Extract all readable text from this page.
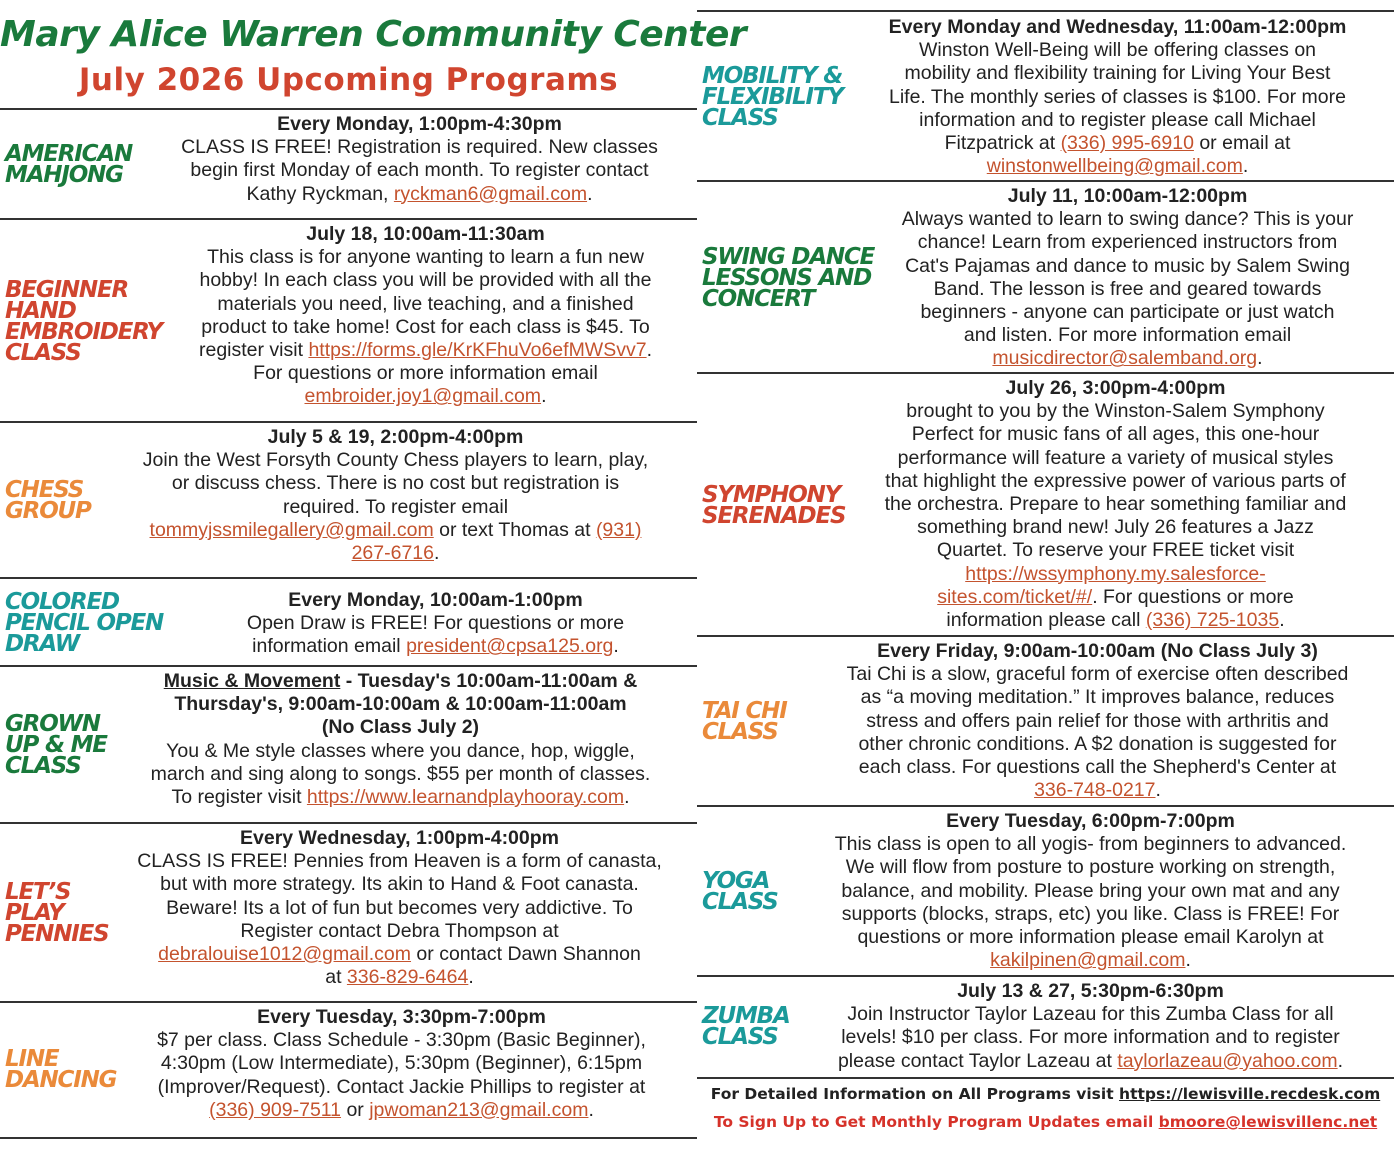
Mary Alice Warren Community Center
July 2026 Upcoming Programs
AMERICAN
MAHJONG
Every Monday, 1:00pm-4:30pm
CLASS IS FREE! Registration is required. New classes
begin first Monday of each month. To register contact
Kathy Ryckman, ryckman6@gmail.com.
BEGINNER
HAND
EMBROIDERY
CLASS
July 18, 10:00am-11:30am
This class is for anyone wanting to learn a fun new
hobby! In each class you will be provided with all the
materials you need, live teaching, and a finished
product to take home! Cost for each class is $45. To
register visit https://forms.gle/KrKFhuVo6efMWSvv7.
For questions or more information email
embroider.joy1@gmail.com.
CHESS
GROUP
July 5 & 19, 2:00pm-4:00pm
Join the West Forsyth County Chess players to learn, play,
or discuss chess. There is no cost but registration is
required. To register email
tommyjssmilegallery@gmail.com or text Thomas at (931)
267-6716.
COLORED
PENCIL OPEN
DRAW
Every Monday, 10:00am-1:00pm
Open Draw is FREE! For questions or more
information email president@cpsa125.org.
GROWN
UP & ME
CLASS
Music & Movement - Tuesday's 10:00am-11:00am &
Thursday's, 9:00am-10:00am & 10:00am-11:00am
(No Class July 2)
You & Me style classes where you dance, hop, wiggle,
march and sing along to songs. $55 per month of classes.
To register visit https://www.learnandplayhooray.com.
LET’S
PLAY
PENNIES
Every Wednesday, 1:00pm-4:00pm
CLASS IS FREE! Pennies from Heaven is a form of canasta,
but with more strategy. Its akin to Hand & Foot canasta.
Beware! Its a lot of fun but becomes very addictive. To
Register contact Debra Thompson at
debralouise1012@gmail.com or contact Dawn Shannon
at 336-829-6464.
LINE
DANCING
Every Tuesday, 3:30pm-7:00pm
$7 per class. Class Schedule - 3:30pm (Basic Beginner),
4:30pm (Low Intermediate), 5:30pm (Beginner), 6:15pm
(Improver/Request). Contact Jackie Phillips to register at
(336) 909-7511 or jpwoman213@gmail.com.
MOBILITY &
FLEXIBILITY
CLASS
Every Monday and Wednesday, 11:00am-12:00pm
Winston Well-Being will be offering classes on
mobility and flexibility training for Living Your Best
Life. The monthly series of classes is $100. For more
information and to register please call Michael
Fitzpatrick at (336) 995-6910 or email at
winstonwellbeing@gmail.com.
SWING DANCE
LESSONS AND
CONCERT
July 11, 10:00am-12:00pm
Always wanted to learn to swing dance? This is your
chance! Learn from experienced instructors from
Cat's Pajamas and dance to music by Salem Swing
Band. The lesson is free and geared towards
beginners - anyone can participate or just watch
and listen. For more information email
musicdirector@salemband.org.
SYMPHONY
SERENADES
July 26, 3:00pm-4:00pm
brought to you by the Winston-Salem Symphony
Perfect for music fans of all ages, this one-hour
performance will feature a variety of musical styles
that highlight the expressive power of various parts of
the orchestra. Prepare to hear something familiar and
something brand new! July 26 features a Jazz
Quartet. To reserve your FREE ticket visit
https://wssymphony.my.salesforce-
sites.com/ticket/#/. For questions or more
information please call (336) 725-1035.
TAI CHI
CLASS
Every Friday, 9:00am-10:00am (No Class July 3)
Tai Chi is a slow, graceful form of exercise often described
as “a moving meditation.” It improves balance, reduces
stress and offers pain relief for those with arthritis and
other chronic conditions. A $2 donation is suggested for
each class. For questions call the Shepherd's Center at
336-748-0217.
YOGA
CLASS
Every Tuesday, 6:00pm-7:00pm
This class is open to all yogis- from beginners to advanced.
We will flow from posture to posture working on strength,
balance, and mobility. Please bring your own mat and any
supports (blocks, straps, etc) you like. Class is FREE! For
questions or more information please email Karolyn at
kakilpinen@gmail.com.
ZUMBA
CLASS
July 13 & 27, 5:30pm-6:30pm
Join Instructor Taylor Lazeau for this Zumba Class for all
levels! $10 per class. For more information and to register
please contact Taylor Lazeau at taylorlazeau@yahoo.com.
For Detailed Information on All Programs visit https://lewisville.recdesk.com
To Sign Up to Get Monthly Program Updates email bmoore@lewisvillenc.net
